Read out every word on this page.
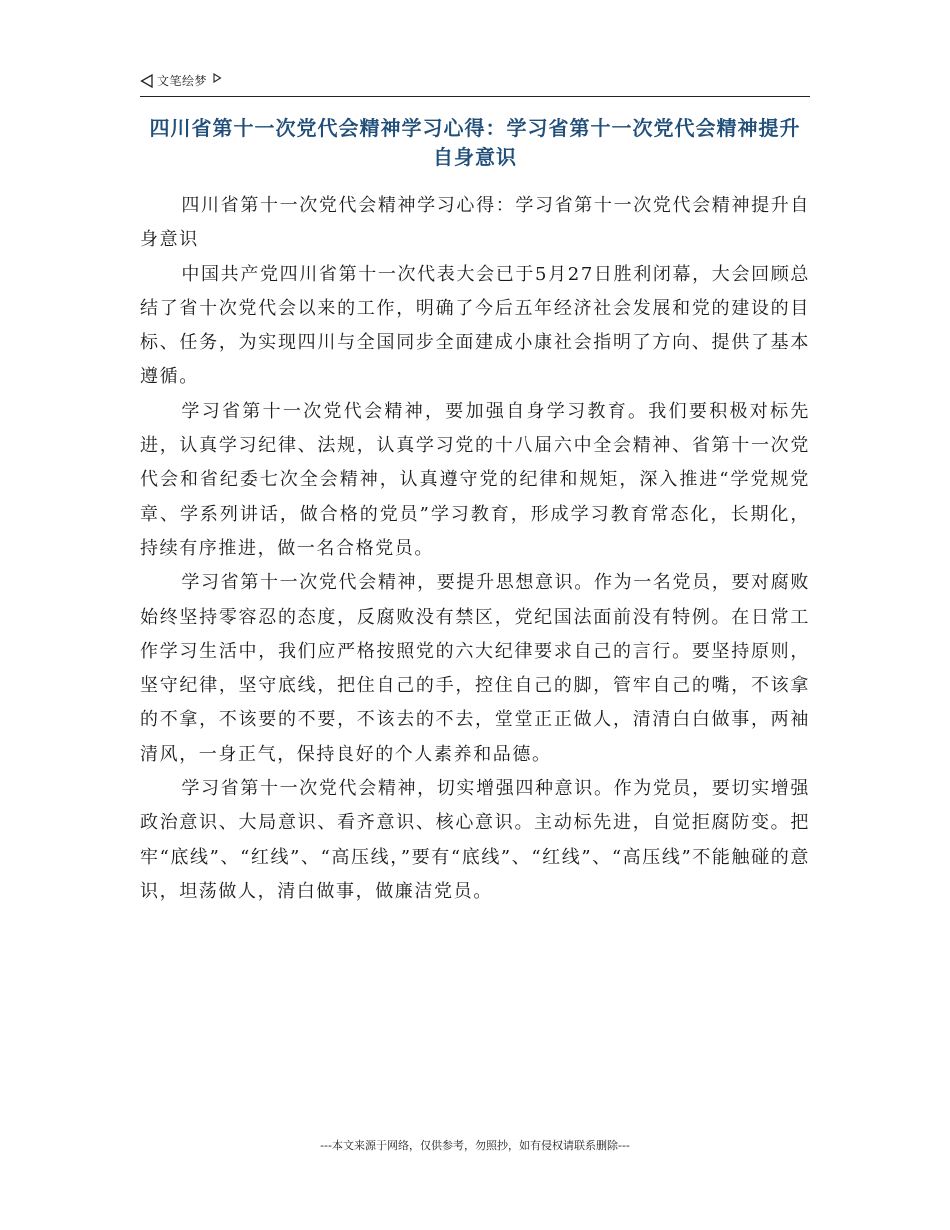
文笔绘梦
四川省第十一次党代会精神学习心得：学习省第十一次党代会精神提升自身意识

四川省第十一次党代会精神学习心得：学习省第十一次党代会精神提升自身意识

中国共产党四川省第十一次代表大会已于5月27日胜利闭幕，大会回顾总结了省十次党代会以来的工作，明确了今后五年经济社会发展和党的建设的目标、任务，为实现四川与全国同步全面建成小康社会指明了方向、提供了基本遵循。

学习省第十一次党代会精神，要加强自身学习教育。我们要积极对标先进，认真学习纪律、法规，认真学习党的十八届六中全会精神、省第十一次党代会和省纪委七次全会精神，认真遵守党的纪律和规矩，深入推进“学党规党章、学系列讲话，做合格的党员”学习教育，形成学习教育常态化，长期化，持续有序推进，做一名合格党员。

学习省第十一次党代会精神，要提升思想意识。作为一名党员，要对腐败始终坚持零容忍的态度，反腐败没有禁区，党纪国法面前没有特例。在日常工作学习生活中，我们应严格按照党的六大纪律要求自己的言行。要坚持原则，坚守纪律，坚守底线，把住自己的手，控住自己的脚，管牢自己的嘴，不该拿的不拿，不该要的不要，不该去的不去，堂堂正正做人，清清白白做事，两袖清风，一身正气，保持良好的个人素养和品德。

学习省第十一次党代会精神，切实增强四种意识。作为党员，要切实增强政治意识、大局意识、看齐意识、核心意识。主动标先进，自觉拒腐防变。把牢“底线”、“红线”、“高压线，”要有“底线”、“红线”、“高压线”不能触碰的意识，坦荡做人，清白做事，做廉洁党员。

---本文来源于网络，仅供参考，勿照抄，如有侵权请联系删除---
